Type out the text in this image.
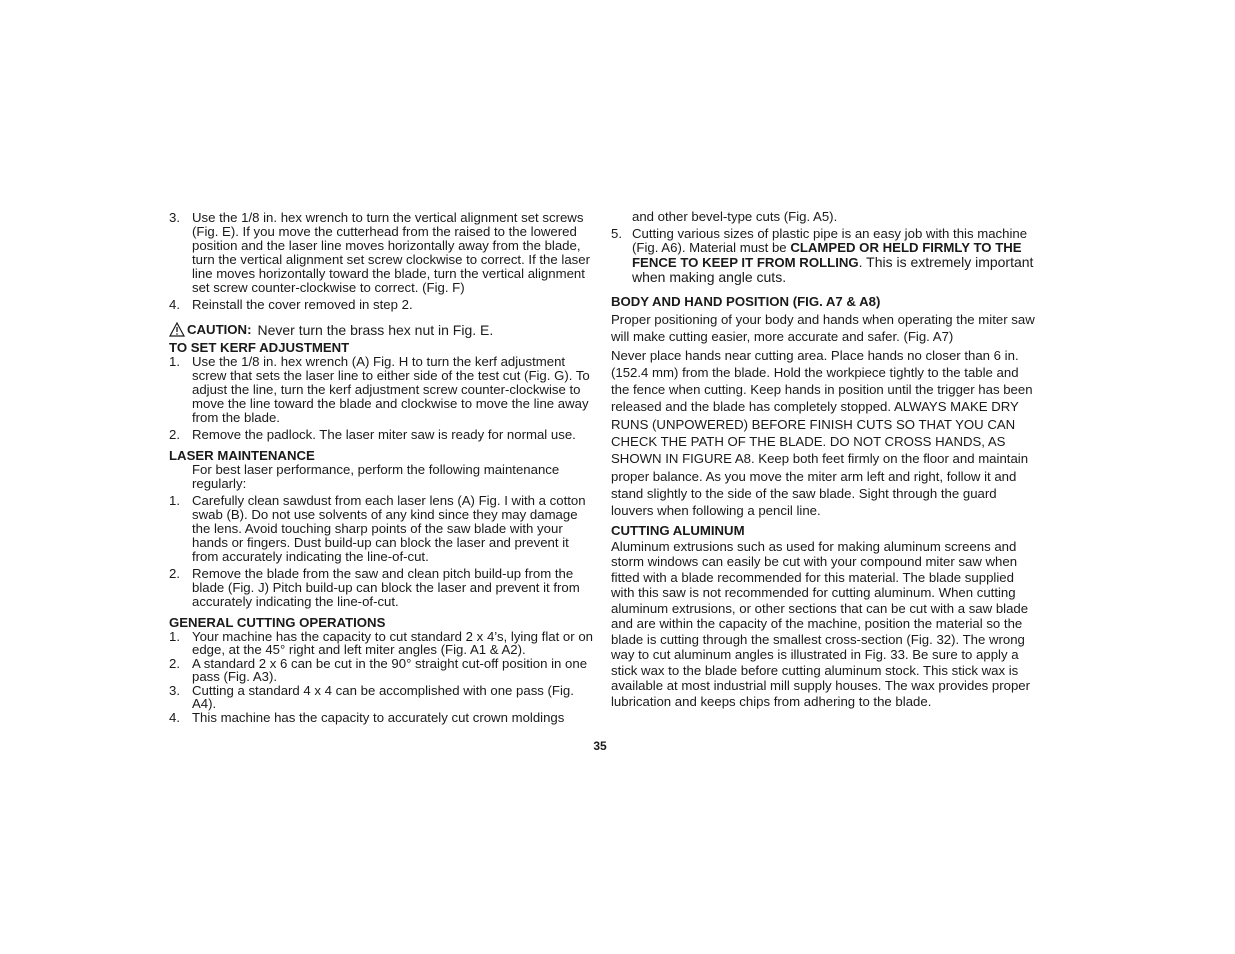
3. Use the 1/8 in. hex wrench to turn the vertical alignment set screws (Fig. E). If you move the cutterhead from the raised to the lowered position and the laser line moves horizontally away from the blade, turn the vertical alignment set screw clockwise to correct. If the laser line moves horizontally toward the blade, turn the vertical alignment set screw counter-clockwise to correct. (Fig. F)
4. Reinstall the cover removed in step 2.
CAUTION: Never turn the brass hex nut in Fig. E.
TO SET KERF ADJUSTMENT
1. Use the 1/8 in. hex wrench (A) Fig. H to turn the kerf adjustment screw that sets the laser line to either side of the test cut (Fig. G). To adjust the line, turn the kerf adjustment screw counter-clockwise to move the line toward the blade and clockwise to move the line away from the blade.
2. Remove the padlock. The laser miter saw is ready for normal use.
LASER MAINTENANCE
For best laser performance, perform the following maintenance regularly:
1. Carefully clean sawdust from each laser lens (A) Fig. I with a cotton swab (B). Do not use solvents of any kind since they may damage the lens. Avoid touching sharp points of the saw blade with your hands or fingers. Dust build-up can block the laser and prevent it from accurately indicating the line-of-cut.
2. Remove the blade from the saw and clean pitch build-up from the blade (Fig. J) Pitch build-up can block the laser and prevent it from accurately indicating the line-of-cut.
GENERAL CUTTING OPERATIONS
1. Your machine has the capacity to cut standard 2 x 4’s, lying flat or on edge, at the 45° right and left miter angles (Fig. A1 & A2).
2. A standard 2 x 6 can be cut in the 90° straight cut-off position in one pass (Fig. A3).
3. Cutting a standard 4 x 4 can be accomplished with one pass (Fig. A4).
4. This machine has the capacity to accurately cut crown moldings
and other bevel-type cuts (Fig. A5).
5. Cutting various sizes of plastic pipe is an easy job with this machine (Fig. A6). Material must be CLAMPED OR HELD FIRMLY TO THE FENCE TO KEEP IT FROM ROLLING. This is extremely important when making angle cuts.
BODY AND HAND POSITION (FIG. A7 & A8)
Proper positioning of your body and hands when operating the miter saw will make cutting easier, more accurate and safer. (Fig. A7)
Never place hands near cutting area. Place hands no closer than 6 in. (152.4 mm) from the blade. Hold the workpiece tightly to the table and the fence when cutting. Keep hands in position until the trigger has been released and the blade has completely stopped. ALWAYS MAKE DRY RUNS (UNPOWERED) BEFORE FINISH CUTS SO THAT YOU CAN CHECK THE PATH OF THE BLADE. DO NOT CROSS HANDS, AS SHOWN IN FIGURE A8. Keep both feet firmly on the floor and maintain proper balance. As you move the miter arm left and right, follow it and stand slightly to the side of the saw blade. Sight through the guard louvers when following a pencil line.
CUTTING ALUMINUM
Aluminum extrusions such as used for making aluminum screens and storm windows can easily be cut with your compound miter saw when fitted with a blade recommended for this material. The blade supplied with this saw is not recommended for cutting aluminum. When cutting aluminum extrusions, or other sections that can be cut with a saw blade and are within the capacity of the machine, position the material so the blade is cutting through the smallest cross-section (Fig. 32). The wrong way to cut aluminum angles is illustrated in Fig. 33. Be sure to apply a stick wax to the blade before cutting aluminum stock. This stick wax is available at most industrial mill supply houses. The wax provides proper lubrication and keeps chips from adhering to the blade.
35
